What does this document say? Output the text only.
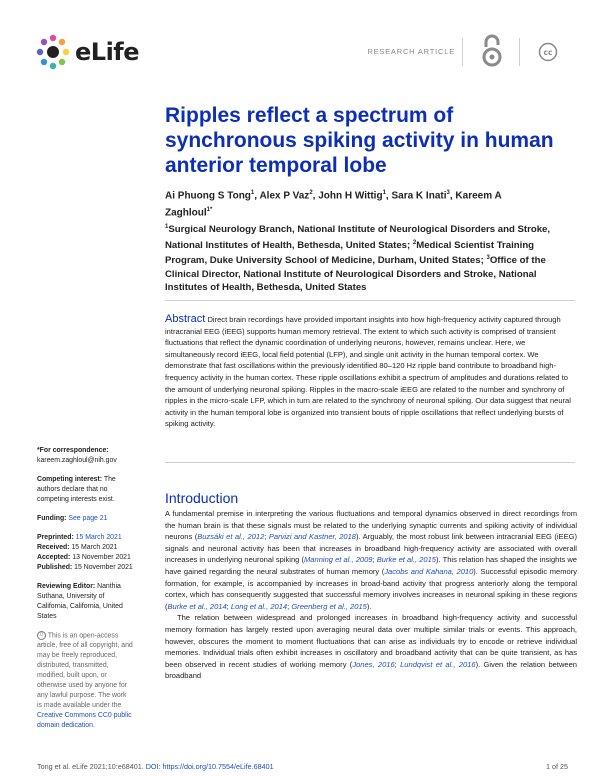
eLife	RESEARCH ARTICLE	cc
Ripples reflect a spectrum of synchronous spiking activity in human anterior temporal lobe
Ai Phuong S Tong$^1$, Alex P Vaz$^2$, John H Wittig$^1$, Sara K Inati$^3$, Kareem A Zaghloul$^{1*}$
$^1$Surgical Neurology Branch, National Institute of Neurological Disorders and Stroke, National Institutes of Health, Bethesda, United States; $^2$Medical Scientist Training Program, Duke University School of Medicine, Durham, United States; $^3$Office of the Clinical Director, National Institute of Neurological Disorders and Stroke, National Institutes of Health, Bethesda, United States
Abstract Direct brain recordings have provided important insights into how high-frequency activity captured through intracranial EEG (iEEG) supports human memory retrieval. The extent to which such activity is comprised of transient fluctuations that reflect the dynamic coordination of underlying neurons, however, remains unclear. Here, we simultaneously record iEEG, local field potential (LFP), and single unit activity in the human temporal cortex. We demonstrate that fast oscillations within the previously identified 80–120 Hz ripple band contribute to broadband high-frequency activity in the human cortex. These ripple oscillations exhibit a spectrum of amplitudes and durations related to the amount of underlying neuronal spiking. Ripples in the macro-scale iEEG are related to the number and synchrony of ripples in the micro-scale LFP, which in turn are related to the synchrony of neuronal spiking. Our data suggest that neural activity in the human temporal lobe is organized into transient bouts of ripple oscillations that reflect underlying bursts of spiking activity.
*For correspondence:
kareem.zaghloul@nih.gov
Competing interest: The authors declare that no competing interests exist.
Funding: See page 21
Preprinted: 15 March 2021
Received: 15 March 2021
Accepted: 13 November 2021
Published: 15 November 2021
Reviewing Editor: Nanthia Suthana, University of California, California, United States
0 This is an open-access article, free of all copyright, and may be freely reproduced, distributed, transmitted, modified, built upon, or otherwise used by anyone for any lawful purpose. The work is made available under the Creative Commons CC0 public domain dedication.
Introduction

A fundamental premise in interpreting the various fluctuations and temporal dynamics observed in direct recordings from the human brain is that these signals must be related to the underlying synaptic currents and spiking activity of individual neurons (Buzsáki et al., 2012; Parvizi and Kastner, 2018). Arguably, the most robust link between intracranial EEG (iEEG) signals and neuronal activity has been that increases in broadband high-frequency activity are associated with overall increases in underlying neuronal spiking (Manning et al., 2009; Burke et al., 2015). This relation has shaped the insights we have gained regarding the neural substrates of human memory (Jacobs and Kahana, 2010). Successful episodic memory formation, for example, is accompanied by increases in broad-band activity that progress anteriorly along the temporal cortex, which has consequently suggested that successful memory involves increases in neuronal spiking in these regions (Burke et al., 2014; Long et al., 2014; Greenberg et al., 2015).

The relation between widespread and prolonged increases in broadband high-frequency activity and successful memory formation has largely rested upon averaging neural data over multiple similar trials or events. This approach, however, obscures the moment to moment fluctuations that can arise as individuals try to encode or retrieve individual memories. Individual trials often exhibit increases in oscillatory and broadband activity that can be quite transient, as has been observed in recent studies of working memory (Jones, 2016; Lundqvist et al., 2016). Given the relation between broadband

Tong et al. eLife 2021;10:e68401. DOI: https://doi.org/10.7554/eLife.68401	1 of 25
